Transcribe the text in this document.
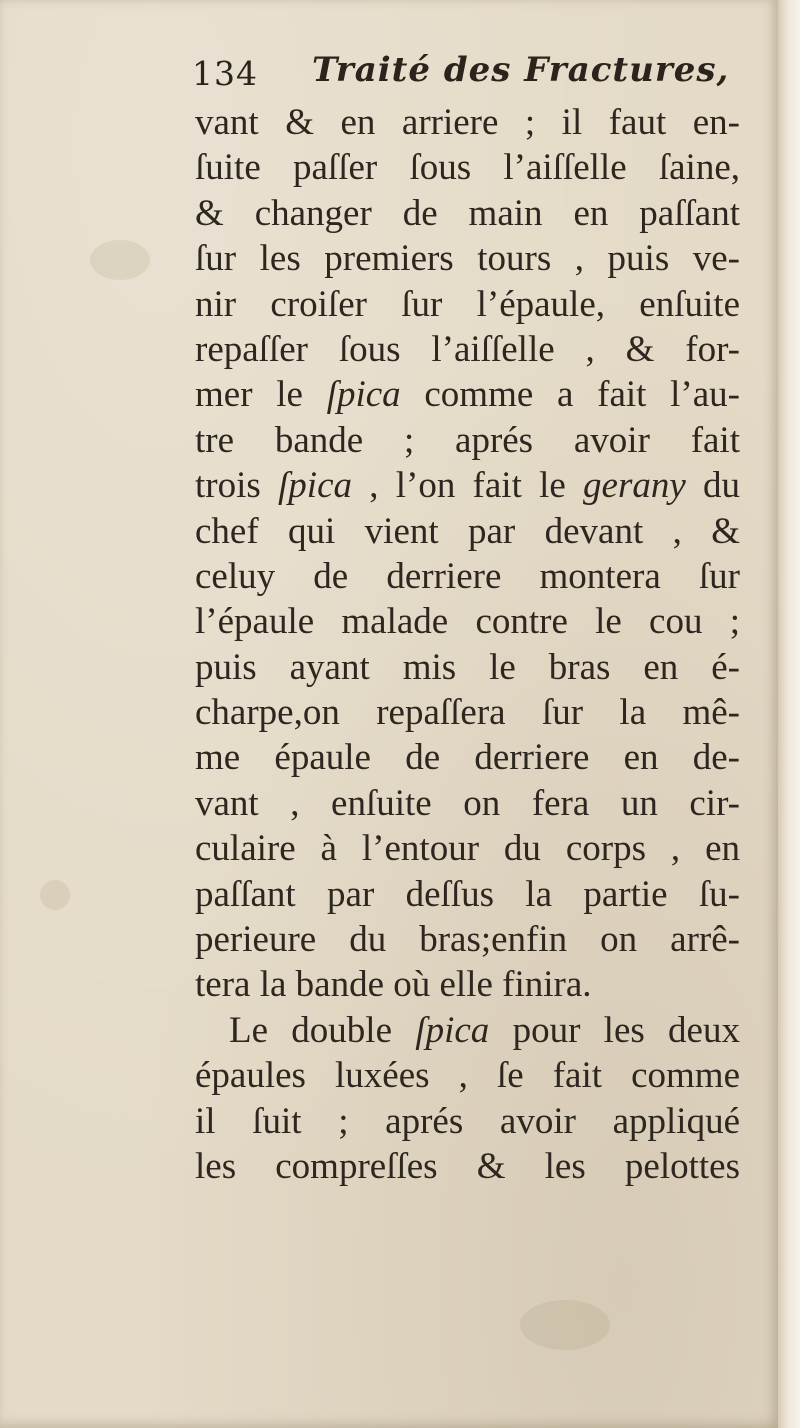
134 Traité des Fractures,
vant & en arriere ; il faut en-
ſuite paſſer ſous l’aiſſelle ſaine,
& changer de main en paſſant
ſur les premiers tours , puis ve-
nir croiſer ſur l’épaule, enſuite
repaſſer ſous l’aiſſelle , & for-
mer le ſpica comme a fait l’au-
tre bande ; aprés avoir fait
trois ſpica , l’on fait le gerany du
chef qui vient par devant , &
celuy de derriere montera ſur
l’épaule malade contre le cou ;
puis ayant mis le bras en é-
charpe,on repaſſera ſur la mê-
me épaule de derriere en de-
vant , enſuite on fera un cir-
culaire à l’entour du corps , en
paſſant par deſſus la partie ſu-
perieure du bras;enfin on arrê-
tera la bande où elle finira.
Le double ſpica pour les deux
épaules luxées , ſe fait comme
il ſuit ; aprés avoir appliqué
les compreſſes & les pelottes
